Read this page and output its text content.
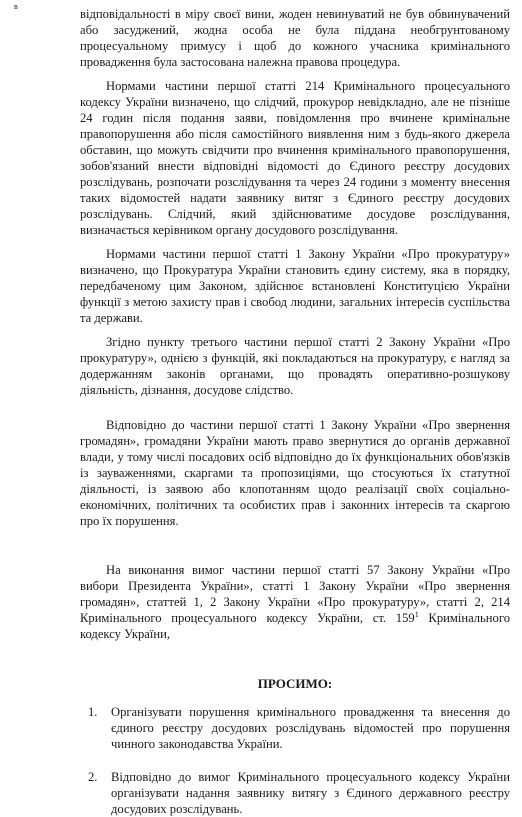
ʙ

відповідальності в міру своєї вини, жоден невинуватий не був обвинувачений або засуджений, жодна особа не була піддана необгрунтованому процесуальному примусу і щоб до кожного учасника кримінального провадження була застосована належна правова процедура.

Нормами частини першої статті 214 Кримінального процесуального кодексу України визначено, що слідчий, прокурор невідкладно, але не пізніше 24 годин після подання заяви, повідомлення про вчинене кримінальне правопорушення або після самостійного виявлення ним з будь-якого джерела обставин, що можуть свідчити про вчинення кримінального правопорушення, зобов'язаний внести відповідні відомості до Єдиного реєстру досудових розслідувань, розпочати розслідування та через 24 години з моменту внесення таких відомостей надати заявнику витяг з Єдиного реєстру досудових розслідувань. Слідчий, який здійснюватиме досудове розслідування, визначається керівником органу досудового розслідування.

Нормами частини першої статті 1 Закону України «Про прокуратуру» визначено, що Прокуратура України становить єдину систему, яка в порядку, передбаченому цим Законом, здійснює встановлені Конституцією України функції з метою захисту прав і свобод людини, загальних інтересів суспільства та держави.

Згідно пункту третього частини першої статті 2 Закону України «Про прокуратуру», однією з функцій, які покладаються на прокуратуру, є нагляд за додержанням законів органами, що провадять оперативно-розшукову діяльність, дізнання, досудове слідство.

Відповідно до частини першої статті 1 Закону України «Про звернення громадян», громадяни України мають право звернутися до органів державної влади, у тому числі посадових осіб відповідно до їх функціональних обов'язків із зауваженнями, скаргами та пропозиціями, що стосуються їх статутної діяльності, із заявою або клопотанням щодо реалізації своїх соціально-економічних, політичних та особистих прав і законних інтересів та скаргою про їх порушення.

На виконання вимог частини першої статті 57 Закону України «Про вибори Президента України», статті 1 Закону України «Про звернення громадян», статтей 1, 2 Закону України «Про прокуратуру», статті 2, 214 Кримінального процесуального кодексу України, ст. $159^1$ Кримінального кодексу України,

ПРОСИМО:

1.	Організувати порушення кримінального провадження та внесення до єдиного реєстру досудових розслідувань відомостей про порушення чинного законодавства України.
2.	Відповідно до вимог Кримінального процесуального кодексу України організувати надання заявнику витягу з Єдиного державного реєстру досудових розслідувань.
